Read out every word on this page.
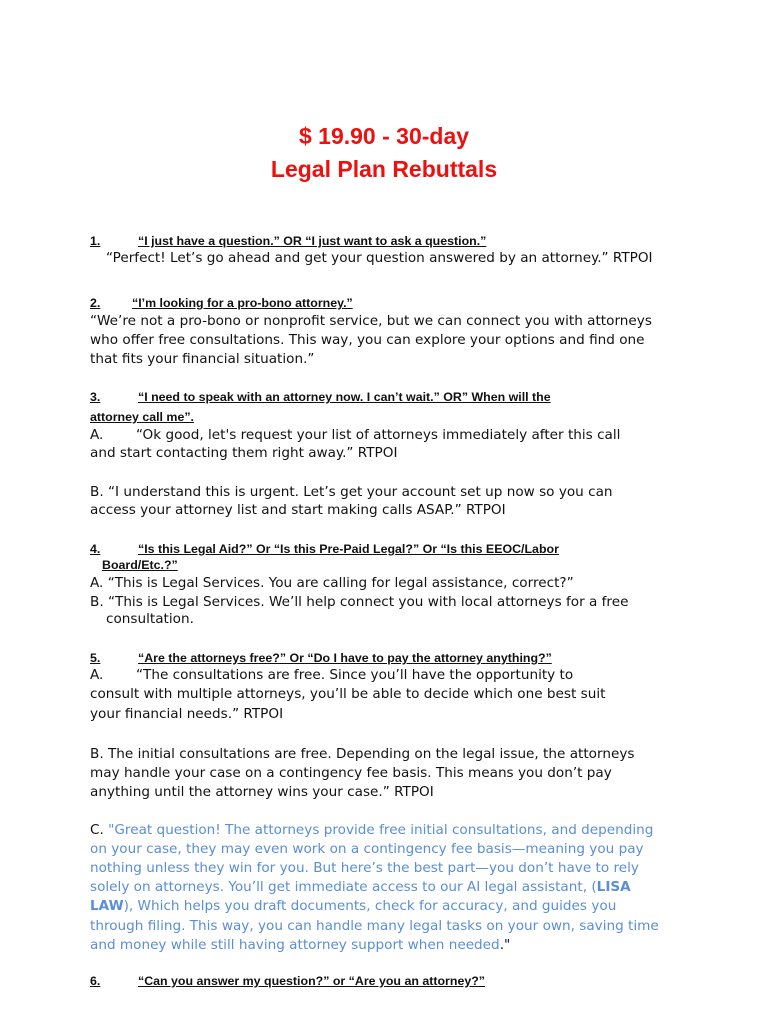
$ 19.90 - 30-day
Legal Plan Rebuttals
1.	“I just have a question.” OR “I just want to ask a question.”
“Perfect! Let’s go ahead and get your question answered by an attorney.” RTPOI
2.	“I’m looking for a pro-bono attorney.”
“We’re not a pro-bono or nonprofit service, but we can connect you with attorneys
who offer free consultations. This way, you can explore your options and find one
that fits your financial situation.”
3.	“I need to speak with an attorney now. I can’t wait.” OR” When will the
attorney call me”.
A.	“Ok good, let's request your list of attorneys immediately after this call
and start contacting them right away.” RTPOI
B. “I understand this is urgent. Let’s get your account set up now so you can
access your attorney list and start making calls ASAP.” RTPOI
4.	“Is this Legal Aid?” Or “Is this Pre-Paid Legal?” Or “Is this EEOC/Labor
Board/Etc.?”
A. “This is Legal Services. You are calling for legal assistance, correct?”
B. “This is Legal Services. We’ll help connect you with local attorneys for a free
consultation.
5.	“Are the attorneys free?” Or “Do I have to pay the attorney anything?”
A.	“The consultations are free. Since you’ll have the opportunity to
consult with multiple attorneys, you’ll be able to decide which one best suit
your financial needs.” RTPOI
B. The initial consultations are free. Depending on the legal issue, the attorneys
may handle your case on a contingency fee basis. This means you don’t pay
anything until the attorney wins your case.” RTPOI
C. "Great question! The attorneys provide free initial consultations, and depending
on your case, they may even work on a contingency fee basis—meaning you pay
nothing unless they win for you. But here’s the best part—you don’t have to rely
solely on attorneys. You’ll get immediate access to our AI legal assistant, (LISA
LAW), Which helps you draft documents, check for accuracy, and guides you
through filing. This way, you can handle many legal tasks on your own, saving time
and money while still having attorney support when needed."
6.	“Can you answer my question?” or “Are you an attorney?”
